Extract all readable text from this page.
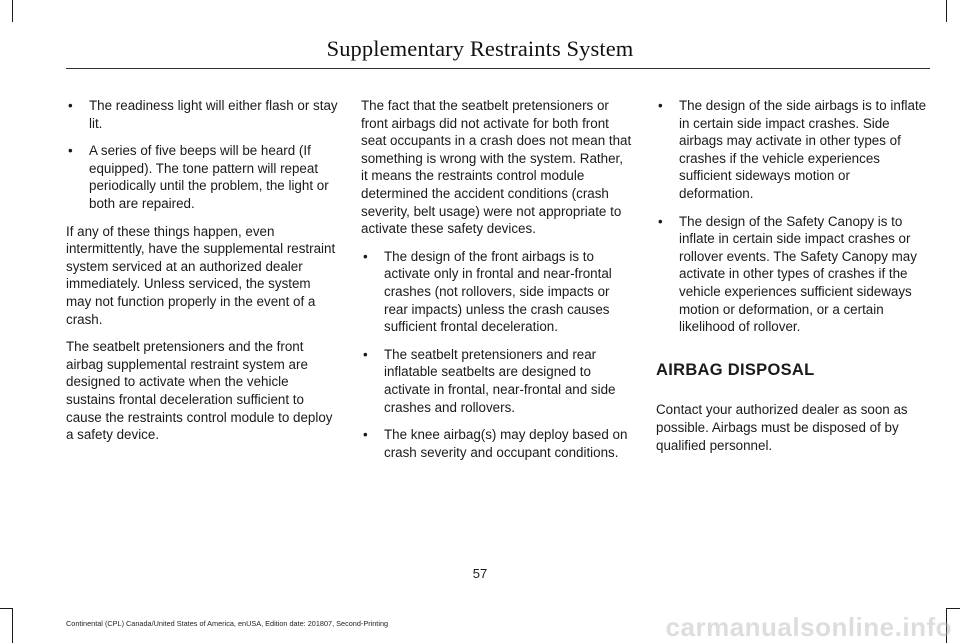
Supplementary Restraints System
• The readiness light will either flash or stay lit.
• A series of five beeps will be heard (If equipped). The tone pattern will repeat periodically until the problem, the light or both are repaired.

If any of these things happen, even intermittently, have the supplemental restraint system serviced at an authorized dealer immediately. Unless serviced, the system may not function properly in the event of a crash.

The seatbelt pretensioners and the front airbag supplemental restraint system are designed to activate when the vehicle sustains frontal deceleration sufficient to cause the restraints control module to deploy a safety device.

The fact that the seatbelt pretensioners or front airbags did not activate for both front seat occupants in a crash does not mean that something is wrong with the system. Rather, it means the restraints control module determined the accident conditions (crash severity, belt usage) were not appropriate to activate these safety devices.

• The design of the front airbags is to activate only in frontal and near-frontal crashes (not rollovers, side impacts or rear impacts) unless the crash causes sufficient frontal deceleration.
• The seatbelt pretensioners and rear inflatable seatbelts are designed to activate in frontal, near-frontal and side crashes and rollovers.
• The knee airbag(s) may deploy based on crash severity and occupant conditions.
• The design of the side airbags is to inflate in certain side impact crashes. Side airbags may activate in other types of crashes if the vehicle experiences sufficient sideways motion or deformation.
• The design of the Safety Canopy is to inflate in certain side impact crashes or rollover events. The Safety Canopy may activate in other types of crashes if the vehicle experiences sufficient sideways motion or deformation, or a certain likelihood of rollover.
AIRBAG DISPOSAL

Contact your authorized dealer as soon as possible. Airbags must be disposed of by qualified personnel.

57
Continental (CPL) Canada/United States of America, enUSA, Edition date: 201807, Second-Printing	carmanualsonline.info
